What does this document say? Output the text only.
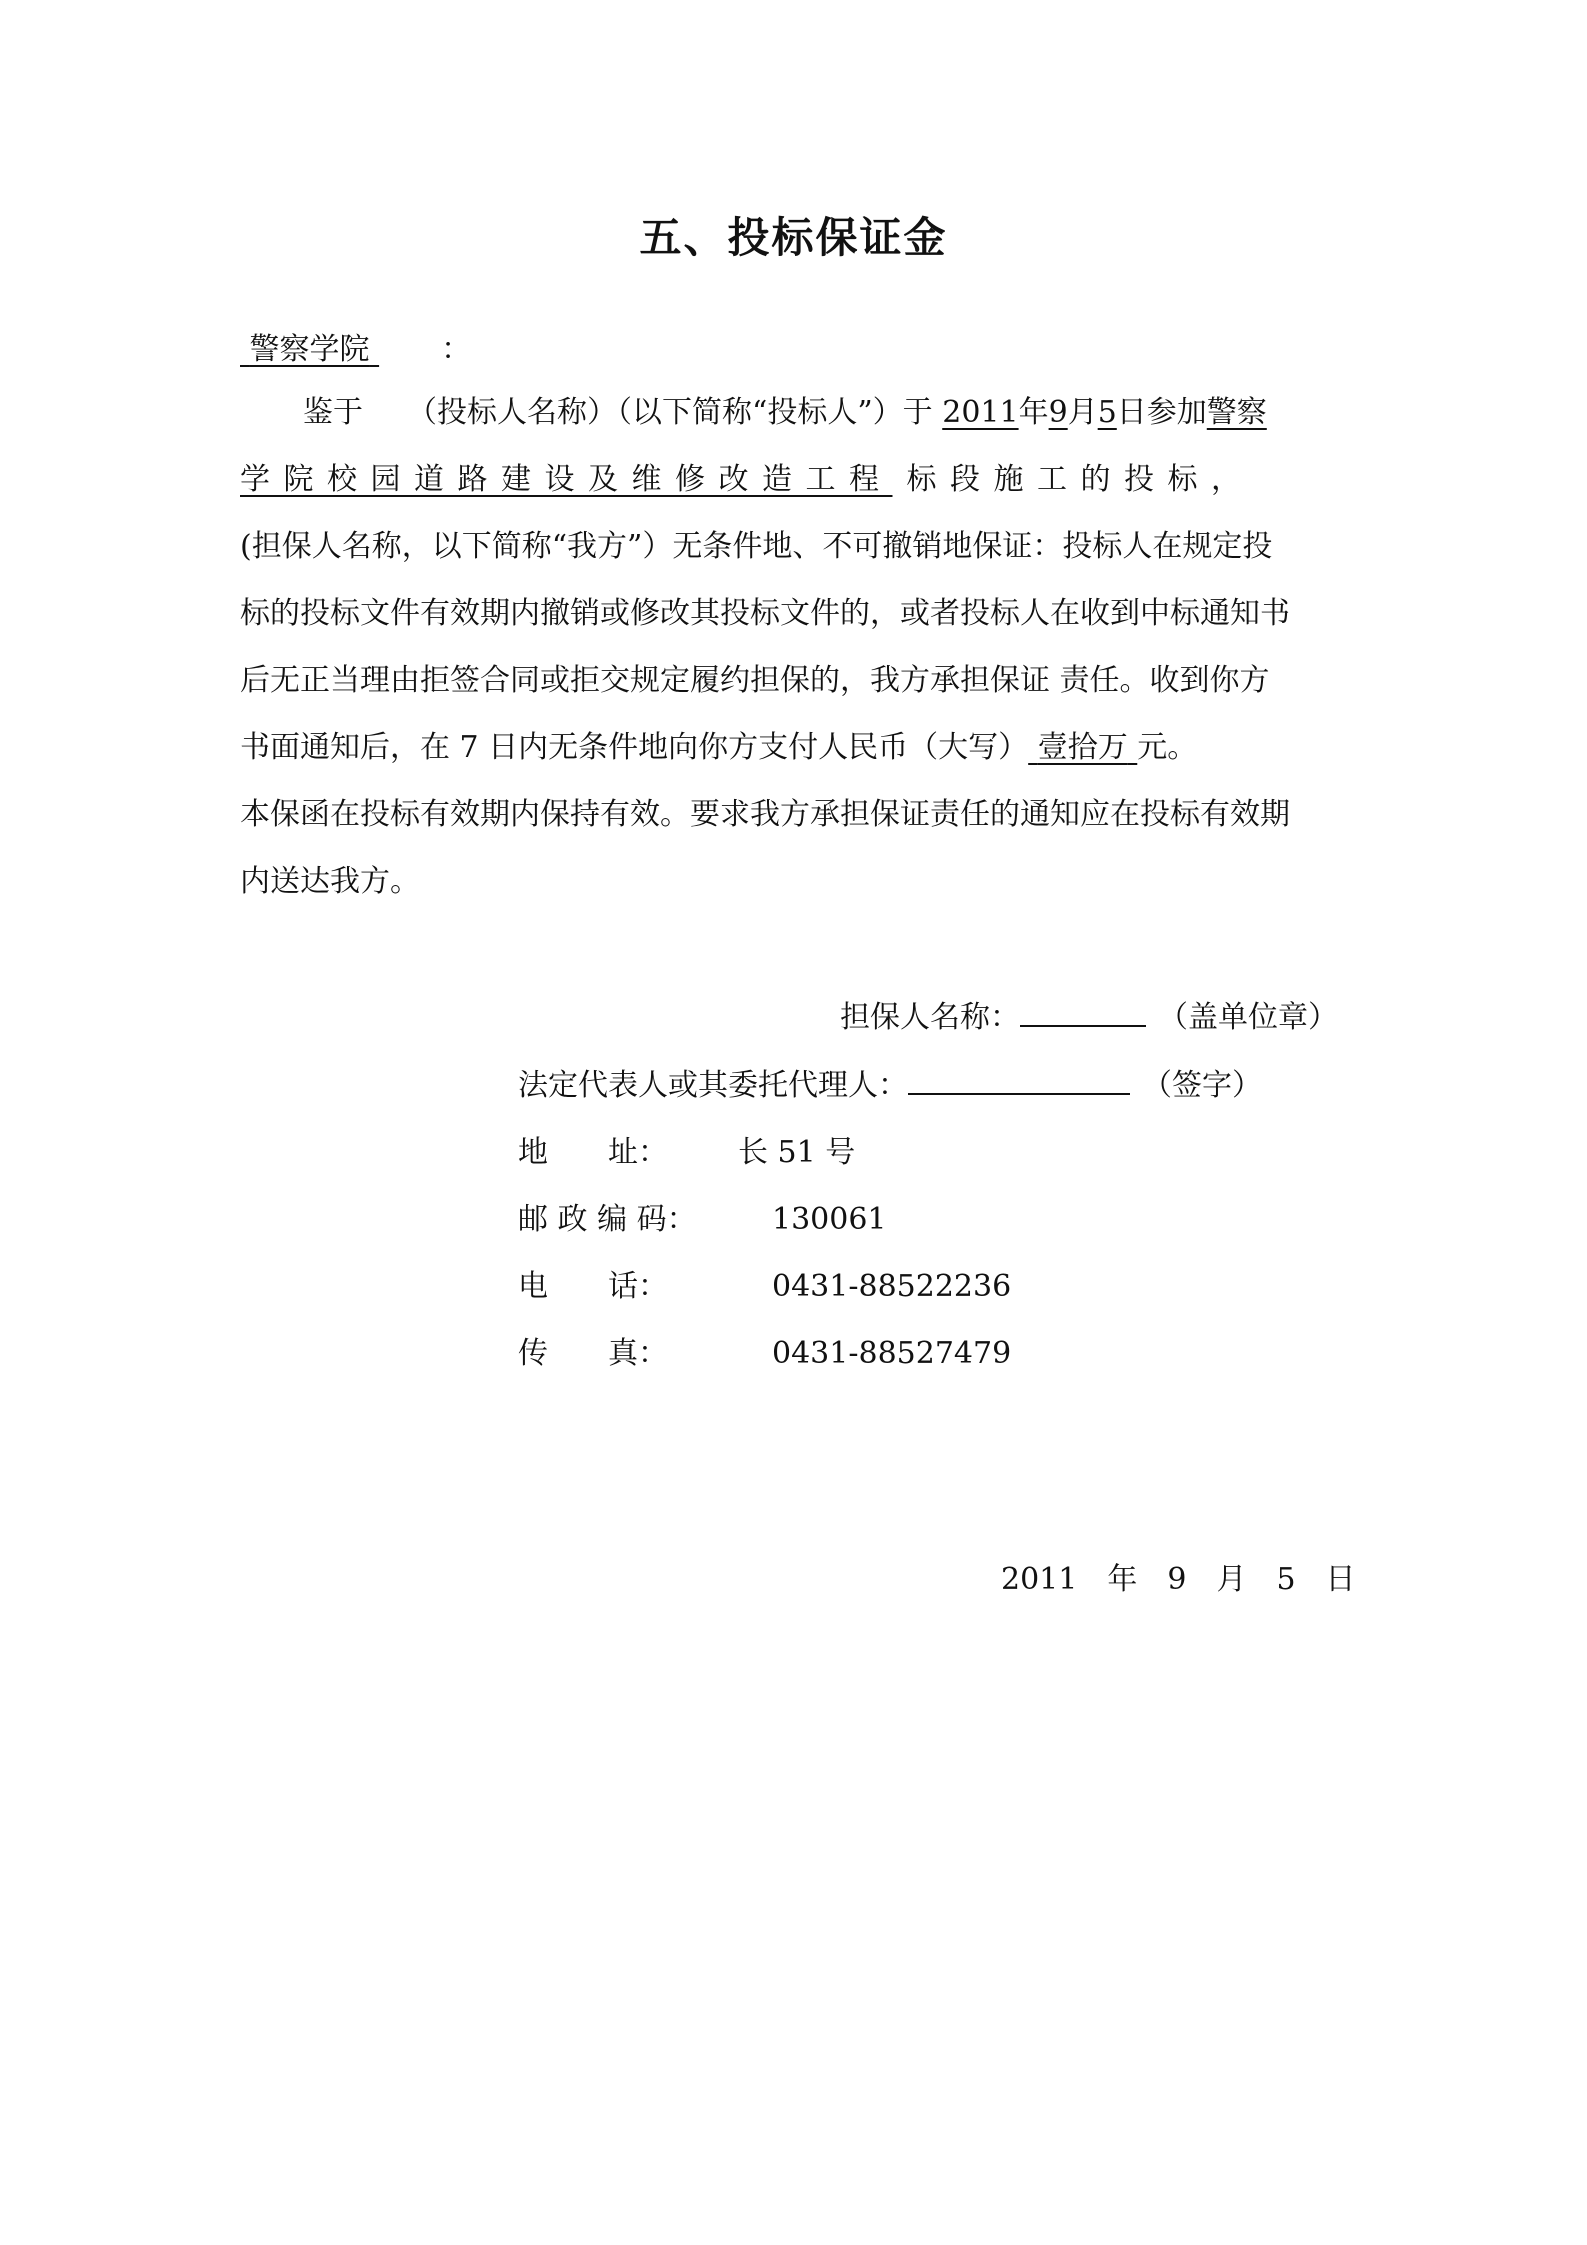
五、投标保证金
警察学院 ：
鉴于 （投标人名称）（以下简称“投标人”）于 2011年9月5日参加警察
学院校园道路建设及维修改造工程 标段施工的投标，
(担保人名称，以下简称“我方”）无条件地、不可撤销地保证：投标人在规定投
标的投标文件有效期内撤销或修改其投标文件的，或者投标人在收到中标通知书
后无正当理由拒签合同或拒交规定履约担保的，我方承担保证 责任。收到你方
书面通知后，在 7 日内无条件地向你方支付人民币（大写） 壹拾万 元。
本保函在投标有效期内保持有效。要求我方承担保证责任的通知应在投标有效期
内送达我方。
担保人名称：	（盖单位章）
法定代表人或其委托代理人：	（签字）
地　　址： 长 51 号
邮 政 编 码：	130061
电　　话：	0431-88522236
传　　真：	0431-88527479
2011 年 9 月 5 日
